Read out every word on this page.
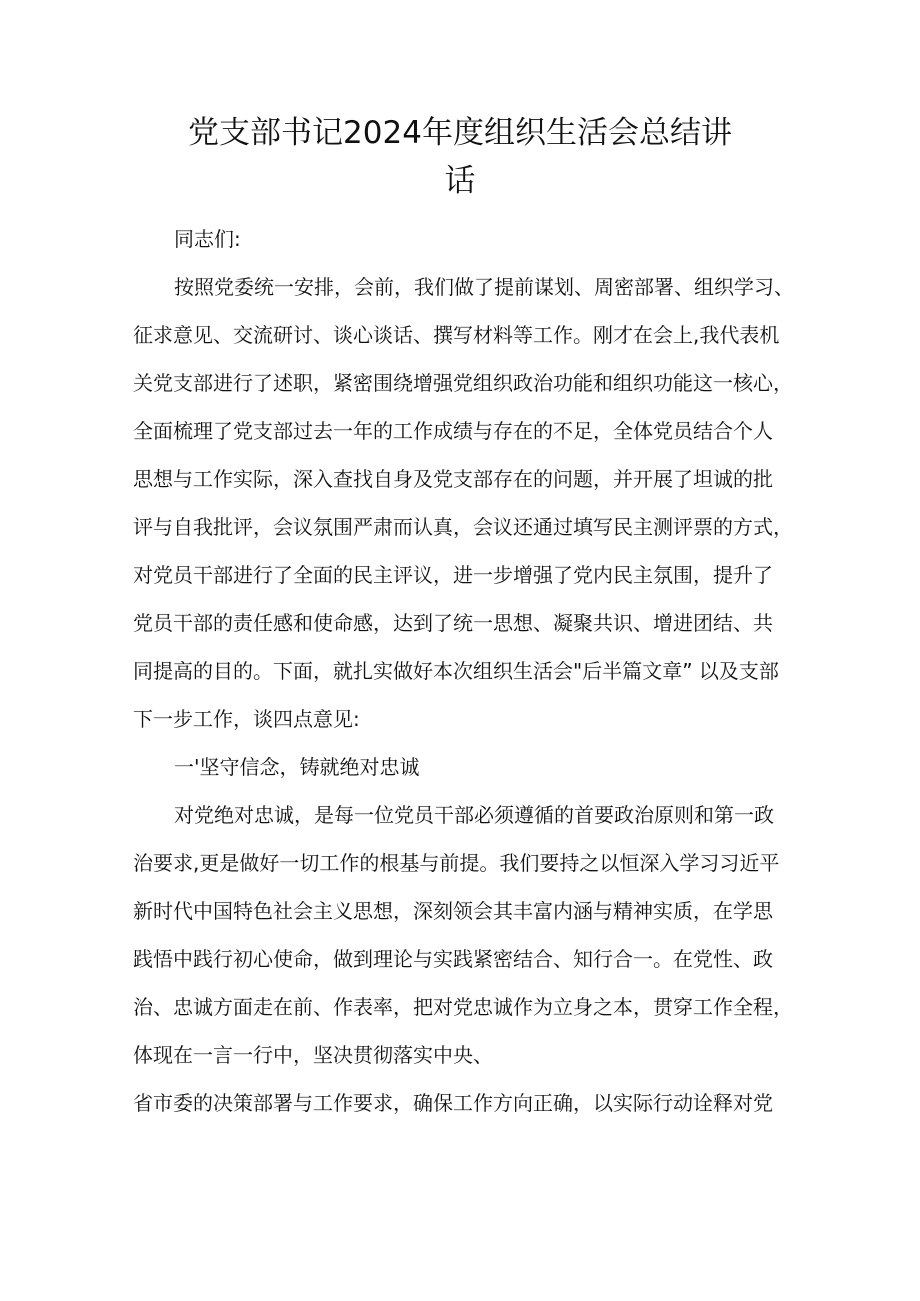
党支部书记2024年度组织生活会总结讲
话

同志们:

按照党委统一安排，会前，我们做了提前谋划、周密部署、组织学习、

征求意见、交流研讨、谈心谈话、撰写材料等工作。刚才在会上,我代表机

关党支部进行了述职，紧密围绕增强党组织政治功能和组织功能这一核心，

全面梳理了党支部过去一年的工作成绩与存在的不足，全体党员结合个人

思想与工作实际，深入查找自身及党支部存在的问题，并开展了坦诚的批

评与自我批评，会议氛围严肃而认真，会议还通过填写民主测评票的方式，

对党员干部进行了全面的民主评议，进一步增强了党内民主氛围，提升了

党员干部的责任感和使命感，达到了统一思想、凝聚共识、增进团结、共

同提高的目的。下面，就扎实做好本次组织生活会"后半篇文章” 以及支部

下一步工作，谈四点意见:

一'坚守信念，铸就绝对忠诚

对党绝对忠诚，是每一位党员干部必须遵循的首要政治原则和第一政

治要求,更是做好一切工作的根基与前提。我们要持之以恒深入学习习近平

新时代中国特色社会主义思想，深刻领会其丰富内涵与精神实质，在学思

践悟中践行初心使命，做到理论与实践紧密结合、知行合一。在党性、政

治、忠诚方面走在前、作表率，把对党忠诚作为立身之本，贯穿工作全程，

体现在一言一行中，坚决贯彻落实中央、

省市委的决策部署与工作要求，确保工作方向正确，以实际行动诠释对党
